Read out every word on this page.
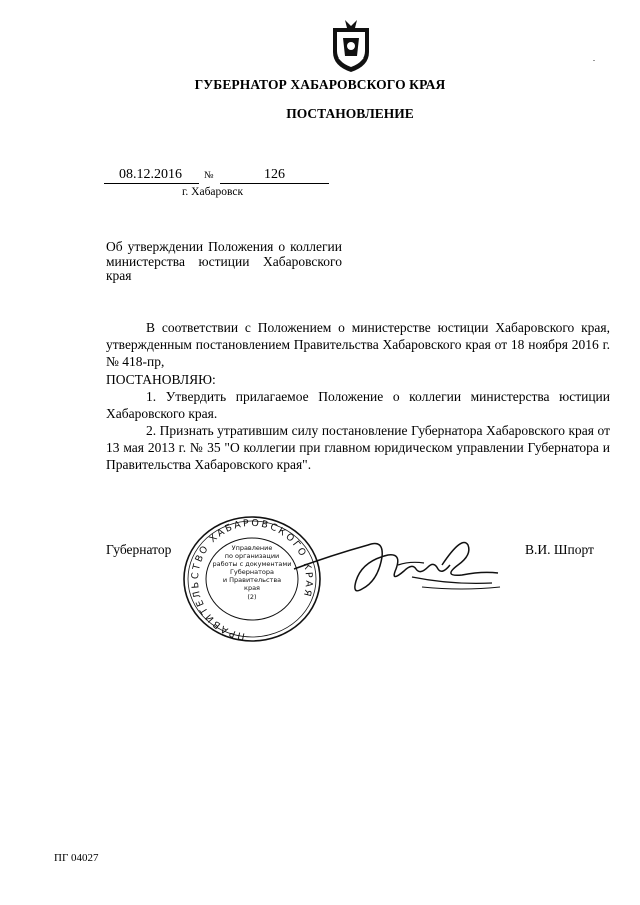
ГУБЕРНАТОР ХАБАРОВСКОГО КРАЯ
ПОСТАНОВЛЕНИЕ
08.12.2016 №	126
г. Хабаровск
Об утверждении Положения о коллегии министерства юстиции Хабаровского края
В соответствии с Положением о министерстве юстиции Хабаровского края, утвержденным постановлением Правительства Хабаровского края от 18 ноября 2016 г. № 418-пр,
ПОСТАНОВЛЯЮ:
1. Утвердить прилагаемое Положение о коллегии министерства юстиции Хабаровского края.
2. Признать утратившим силу постановление Губернатора Хабаровского края от 13 мая 2013 г. № 35 "О коллегии при главном юридическом управлении Губернатора и Правительства Хабаровского края".
Губернатор	В.И. Шпорт
ПРАВИТЕЛЬСТВО ХАБАРОВСКОГО КРАЯ
Управление
по организации
работы с документами
Губернатора
и Правительства
края
(2)
ПГ 04027
